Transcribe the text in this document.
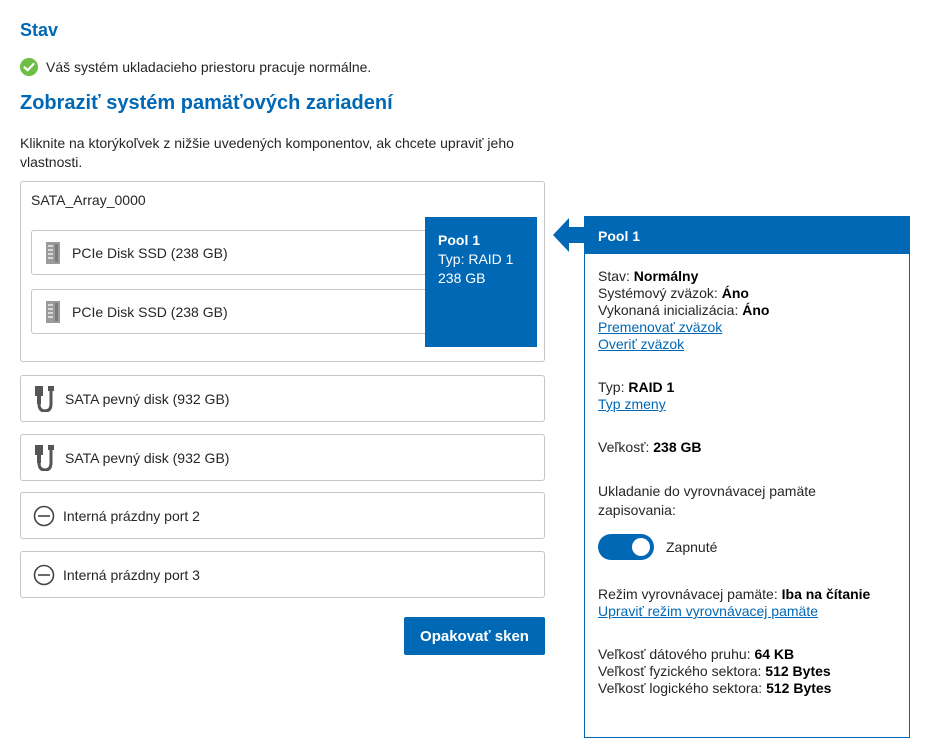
Stav
Váš systém ukladacieho priestoru pracuje normálne.
Zobraziť systém pamäťových zariadení
Kliknite na ktorýkoľvek z nižšie uvedených komponentov, ak chcete upraviť jeho vlastnosti.
SATA_Array_0000
PCIe Disk SSD (238 GB)
PCIe Disk SSD (238 GB)
Pool 1
Typ: RAID 1
238 GB
SATA pevný disk (932 GB)
SATA pevný disk (932 GB)
Interná prázdny port 2
Interná prázdny port 3
Opakovať sken
Pool 1
Stav: Normálny
Systémový zväzok: Áno
Vykonaná inicializácia: Áno
Premenovať zväzok
Overiť zväzok
Typ: RAID 1
Typ zmeny
Veľkosť: 238 GB
Ukladanie do vyrovnávacej pamäte zapisovania:
Zapnuté
Režim vyrovnávacej pamäte: Iba na čítanie
Upraviť režim vyrovnávacej pamäte
Veľkosť dátového pruhu: 64 KB
Veľkosť fyzického sektora: 512 Bytes
Veľkosť logického sektora: 512 Bytes
